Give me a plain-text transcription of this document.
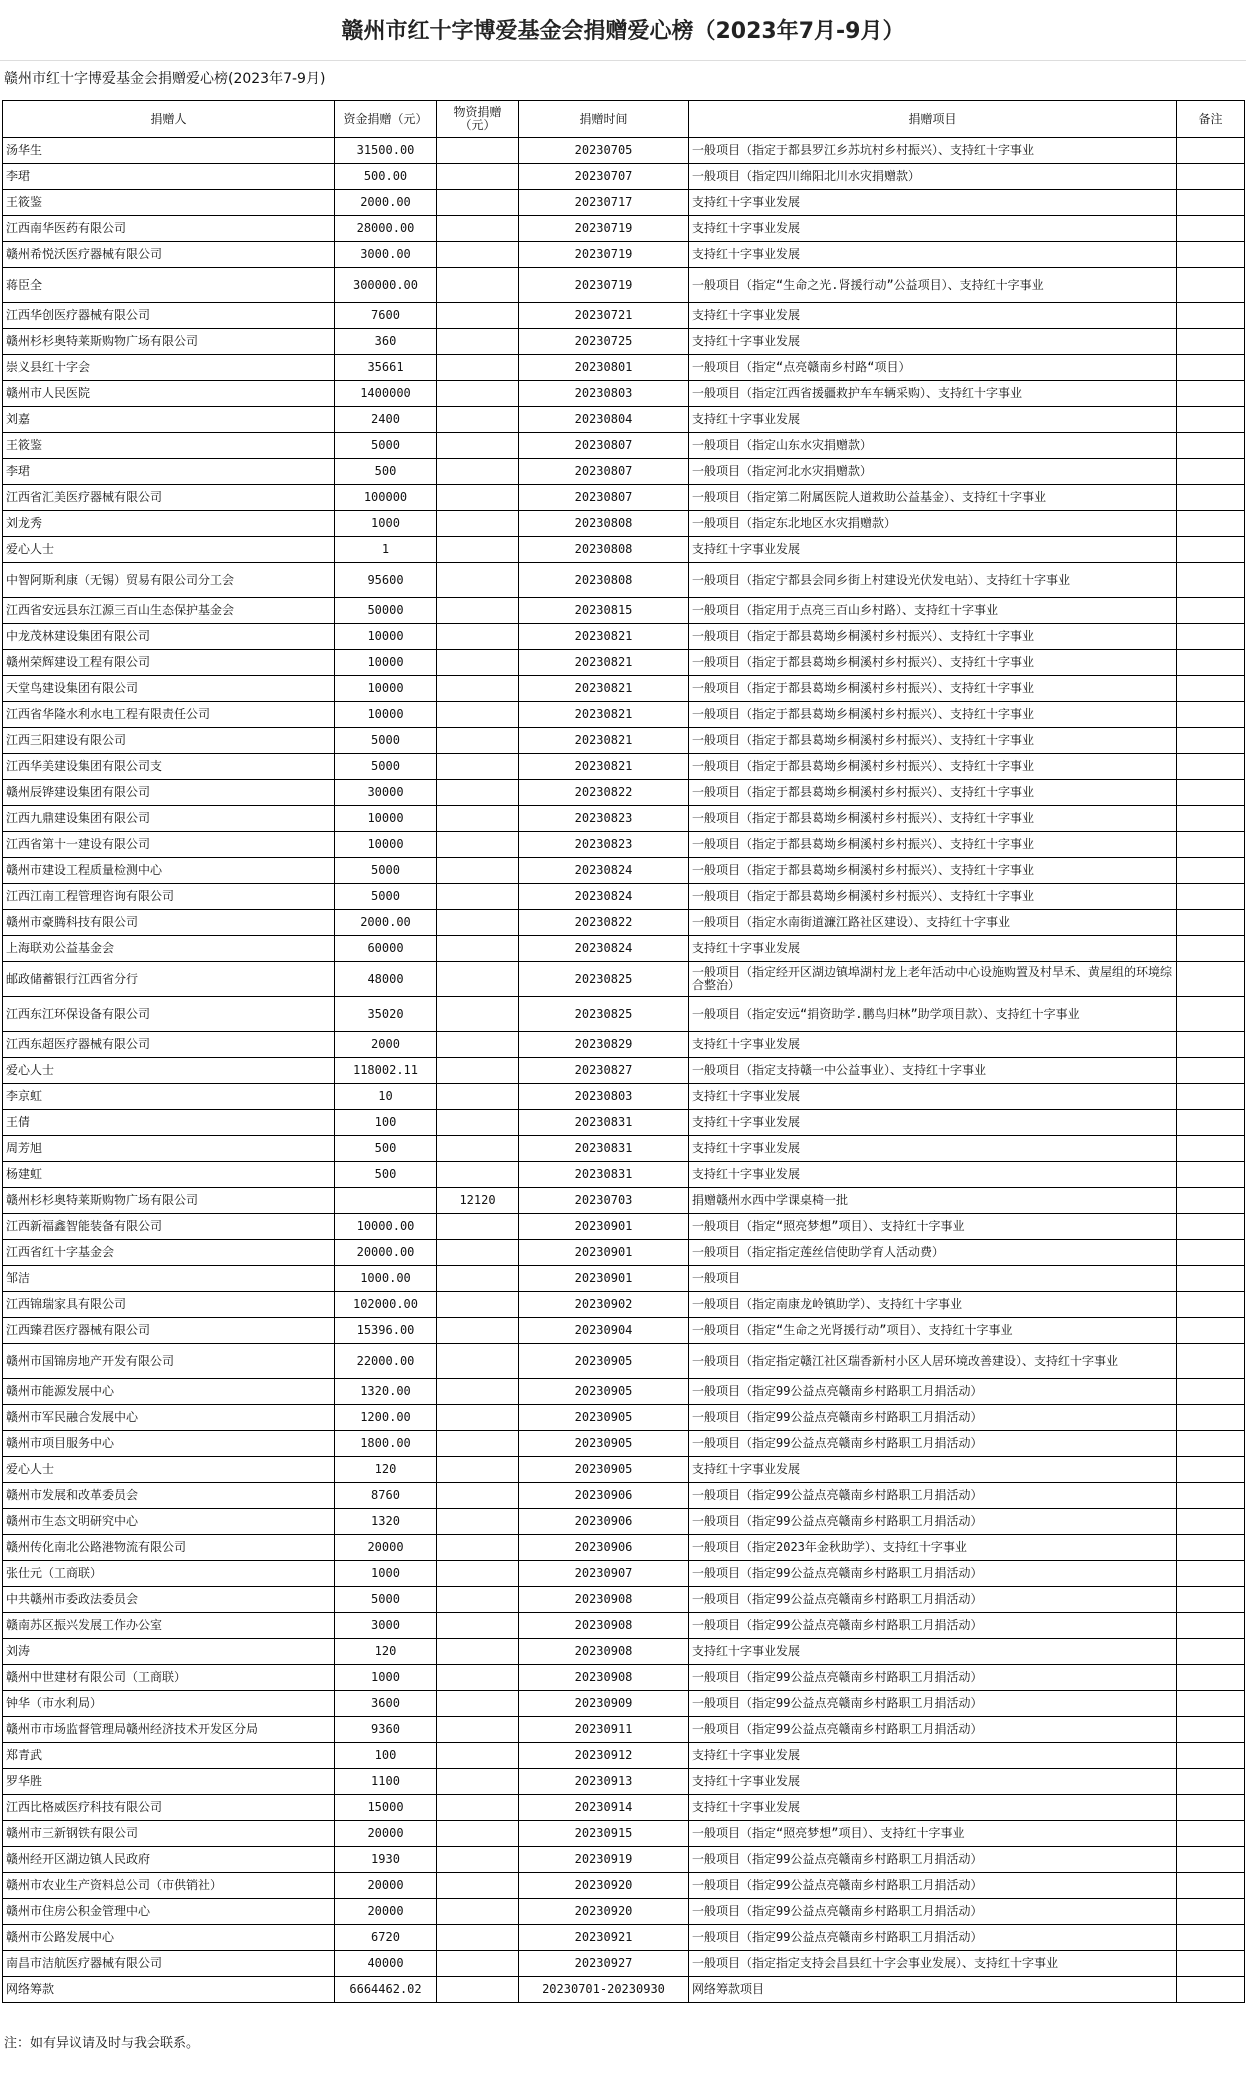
赣州市红十字博爱基金会捐赠爱心榜（2023年7月-9月）
赣州市红十字博爱基金会捐赠爱心榜(2023年7-9月)
捐赠人	资金捐赠（元）	物资捐赠（元）	捐赠时间	捐赠项目	备注
汤华生	31500.00		20230705	一般项目（指定于都县罗江乡苏坑村乡村振兴）、支持红十字事业	
李珺	500.00		20230707	一般项目（指定四川绵阳北川水灾捐赠款）	
王筱鉴	2000.00		20230717	支持红十字事业发展	
江西南华医药有限公司	28000.00		20230719	支持红十字事业发展	
赣州希悦沃医疗器械有限公司	3000.00		20230719	支持红十字事业发展	
蒋臣全	300000.00		20230719	一般项目（指定“生命之光.肾援行动”公益项目）、支持红十字事业	
江西华创医疗器械有限公司	7600		20230721	支持红十字事业发展	
赣州杉杉奥特莱斯购物广场有限公司	360		20230725	支持红十字事业发展	
崇义县红十字会	35661		20230801	一般项目（指定“点亮赣南乡村路“项目）	
赣州市人民医院	1400000		20230803	一般项目（指定江西省援疆救护车车辆采购）、支持红十字事业	
刘嘉	2400		20230804	支持红十字事业发展	
王筱鉴	5000		20230807	一般项目（指定山东水灾捐赠款）	
李珺	500		20230807	一般项目（指定河北水灾捐赠款）	
江西省汇美医疗器械有限公司	100000		20230807	一般项目（指定第二附属医院人道救助公益基金）、支持红十字事业	
刘龙秀	1000		20230808	一般项目（指定东北地区水灾捐赠款）	
爱心人士	1		20230808	支持红十字事业发展	
中智阿斯利康（无锡）贸易有限公司分工会	95600		20230808	一般项目（指定宁都县会同乡街上村建设光伏发电站）、支持红十字事业	
江西省安远县东江源三百山生态保护基金会	50000		20230815	一般项目（指定用于点亮三百山乡村路）、支持红十字事业	
中龙茂林建设集团有限公司	10000		20230821	一般项目（指定于都县葛坳乡桐溪村乡村振兴）、支持红十字事业	
赣州荣辉建设工程有限公司	10000		20230821	一般项目（指定于都县葛坳乡桐溪村乡村振兴）、支持红十字事业	
天堂鸟建设集团有限公司	10000		20230821	一般项目（指定于都县葛坳乡桐溪村乡村振兴）、支持红十字事业	
江西省华隆水利水电工程有限责任公司	10000		20230821	一般项目（指定于都县葛坳乡桐溪村乡村振兴）、支持红十字事业	
江西三阳建设有限公司	5000		20230821	一般项目（指定于都县葛坳乡桐溪村乡村振兴）、支持红十字事业	
江西华美建设集团有限公司支	5000		20230821	一般项目（指定于都县葛坳乡桐溪村乡村振兴）、支持红十字事业	
赣州辰铧建设集团有限公司	30000		20230822	一般项目（指定于都县葛坳乡桐溪村乡村振兴）、支持红十字事业	
江西九鼎建设集团有限公司	10000		20230823	一般项目（指定于都县葛坳乡桐溪村乡村振兴）、支持红十字事业	
江西省第十一建设有限公司	10000		20230823	一般项目（指定于都县葛坳乡桐溪村乡村振兴）、支持红十字事业	
赣州市建设工程质量检测中心	5000		20230824	一般项目（指定于都县葛坳乡桐溪村乡村振兴）、支持红十字事业	
江西江南工程管理咨询有限公司	5000		20230824	一般项目（指定于都县葛坳乡桐溪村乡村振兴）、支持红十字事业	
赣州市豪腾科技有限公司	2000.00		20230822	一般项目（指定水南街道濂江路社区建设）、支持红十字事业	
上海联劝公益基金会	60000		20230824	支持红十字事业发展	
邮政储蓄银行江西省分行	48000		20230825	一般项目（指定经开区湖边镇埠湖村龙上老年活动中心设施购置及村旱禾、黄屋组的环境综合整治）	
江西东江环保设备有限公司	35020		20230825	一般项目（指定安远“捐资助学.鹏鸟归林”助学项目款）、支持红十字事业	
江西东超医疗器械有限公司	2000		20230829	支持红十字事业发展	
爱心人士	118002.11		20230827	一般项目（指定支持赣一中公益事业）、支持红十字事业	
李京虹	10		20230803	支持红十字事业发展	
王倩	100		20230831	支持红十字事业发展	
周芳旭	500		20230831	支持红十字事业发展	
杨建虹	500		20230831	支持红十字事业发展	
赣州杉杉奥特莱斯购物广场有限公司		12120	20230703	捐赠赣州水西中学课桌椅一批	
江西新福鑫智能装备有限公司	10000.00		20230901	一般项目（指定“照亮梦想”项目）、支持红十字事业	
江西省红十字基金会	20000.00		20230901	一般项目（指定指定莲丝信使助学育人活动费）	
邹洁	1000.00		20230901	一般项目	
江西锦瑞家具有限公司	102000.00		20230902	一般项目（指定南康龙岭镇助学）、支持红十字事业	
江西臻君医疗器械有限公司	15396.00		20230904	一般项目（指定“生命之光肾援行动”项目）、支持红十字事业	
赣州市国锦房地产开发有限公司	22000.00		20230905	一般项目（指定指定赣江社区瑞香新村小区人居环境改善建设）、支持红十字事业	
赣州市能源发展中心	1320.00		20230905	一般项目（指定99公益点亮赣南乡村路职工月捐活动）	
赣州市军民融合发展中心	1200.00		20230905	一般项目（指定99公益点亮赣南乡村路职工月捐活动）	
赣州市项目服务中心	1800.00		20230905	一般项目（指定99公益点亮赣南乡村路职工月捐活动）	
爱心人士	120		20230905	支持红十字事业发展	
赣州市发展和改革委员会	8760		20230906	一般项目（指定99公益点亮赣南乡村路职工月捐活动）	
赣州市生态文明研究中心	1320		20230906	一般项目（指定99公益点亮赣南乡村路职工月捐活动）	
赣州传化南北公路港物流有限公司	20000		20230906	一般项目（指定2023年金秋助学）、支持红十字事业	
张仕元（工商联）	1000		20230907	一般项目（指定99公益点亮赣南乡村路职工月捐活动）	
中共赣州市委政法委员会	5000		20230908	一般项目（指定99公益点亮赣南乡村路职工月捐活动）	
赣南苏区振兴发展工作办公室	3000		20230908	一般项目（指定99公益点亮赣南乡村路职工月捐活动）	
刘涛	120		20230908	支持红十字事业发展	
赣州中世建材有限公司（工商联）	1000		20230908	一般项目（指定99公益点亮赣南乡村路职工月捐活动）	
钟华（市水利局）	3600		20230909	一般项目（指定99公益点亮赣南乡村路职工月捐活动）	
赣州市市场监督管理局赣州经济技术开发区分局	9360		20230911	一般项目（指定99公益点亮赣南乡村路职工月捐活动）	
郑青武	100		20230912	支持红十字事业发展	
罗华胜	1100		20230913	支持红十字事业发展	
江西比格威医疗科技有限公司	15000		20230914	支持红十字事业发展	
赣州市三新钢铁有限公司	20000		20230915	一般项目（指定“照亮梦想”项目）、支持红十字事业	
赣州经开区湖边镇人民政府	1930		20230919	一般项目（指定99公益点亮赣南乡村路职工月捐活动）	
赣州市农业生产资料总公司（市供销社）	20000		20230920	一般项目（指定99公益点亮赣南乡村路职工月捐活动）	
赣州市住房公积金管理中心	20000		20230920	一般项目（指定99公益点亮赣南乡村路职工月捐活动）	
赣州市公路发展中心	6720		20230921	一般项目（指定99公益点亮赣南乡村路职工月捐活动）	
南昌市洁航医疗器械有限公司	40000		20230927	一般项目（指定指定支持会昌县红十字会事业发展）、支持红十字事业	
网络筹款	6664462.02		20230701-20230930	网络筹款项目	
注：如有异议请及时与我会联系。
